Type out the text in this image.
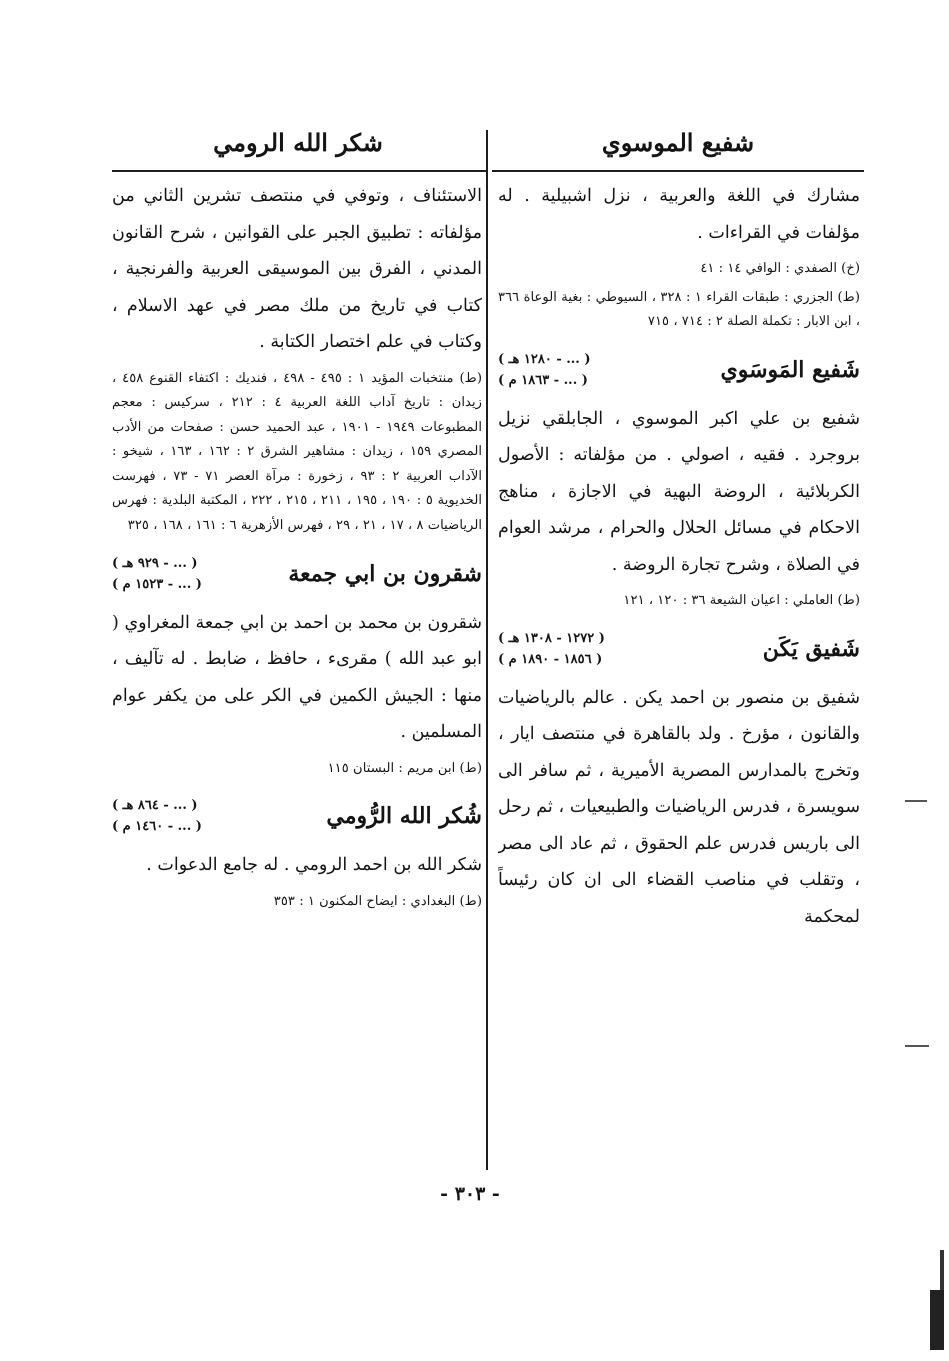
شفيع الموسوي
شكر الله الرومي

مشارك في اللغة والعربية ، نزل اشبيلية . له مؤلفات في القراءات .

(خ) الصفدي : الوافي ١٤ : ٤١

(ط) الجزري : طبقات القراء ١ : ٣٢٨ ، السيوطي : بغية الوعاة ٣٦٦ ، ابن الابار : تكملة الصلة ٢ : ٧١٤ ، ٧١٥

شَفيع المَوسَوي
( ... - ١٢٨٠ هـ )
( ... - ١٨٦٣ م )

شفيع بن علي اكبر الموسوي ، الجابلقي نزيل بروجرد . فقيه ، اصولي . من مؤلفاته : الأصول الكربلائية ، الروضة البهية في الاجازة ، مناهج الاحكام في مسائل الحلال والحرام ، مرشد العوام في الصلاة ، وشرح تجارة الروضة .

(ط) العاملي : اعيان الشيعة ٣٦ : ١٢٠ ، ١٢١

شَفيق يَكَن
( ١٢٧٢ - ١٣٠٨ هـ )
( ١٨٥٦ - ١٨٩٠ م )

شفيق بن منصور بن احمد يكن . عالم بالرياضيات والقانون ، مؤرخ . ولد بالقاهرة في منتصف ايار ، وتخرج بالمدارس المصرية الأميرية ، ثم سافر الى سويسرة ، فدرس الرياضيات والطبيعيات ، ثم رحل الى باريس فدرس علم الحقوق ، ثم عاد الى مصر ، وتقلب في مناصب القضاء الى ان كان رئيساً لمحكمة

الاستئناف ، وتوفي في منتصف تشرين الثاني من مؤلفاته : تطبيق الجبر على القوانين ، شرح القانون المدني ، الفرق بين الموسيقى العربية والفرنجية ، كتاب في تاريخ من ملك مصر في عهد الاسلام ، وكتاب في علم اختصار الكتابة .

(ط) منتخبات المؤيد ١ : ٤٩٥ - ٤٩٨ ، فنديك : اكتفاء القنوع ٤٥٨ ، زيدان : تاريخ آداب اللغة العربية ٤ : ٢١٢ ، سركيس : معجم المطبوعات ١٩٤٩ - ١٩٠١ ، عبد الحميد حسن : صفحات من الأدب المصري ١٥٩ ، زيدان : مشاهير الشرق ٢ : ١٦٢ ، ١٦٣ ، شيخو : الآداب العربية ٢ : ٩٣ ، زخورة : مرآة العصر ٧١ - ٧٣ ، فهرست الخديوية ٥ : ١٩٠ ، ١٩٥ ، ٢١١ ، ٢١٥ ، ٢٢٢ ، المكتبة البلدية : فهرس الرياضيات ٨ ، ١٧ ، ٢١ ، ٢٩ ، فهرس الأزهرية ٦ : ١٦١ ، ١٦٨ ، ٣٢٥

شقرون بن ابي جمعة
( ... - ٩٢٩ هـ )
( ... - ١٥٢٣ م )

شقرون بن محمد بن احمد بن ابي جمعة المغراوي ( ابو عبد الله ) مقرىء ، حافظ ، ضابط . له تآليف ، منها : الجيش الكمين في الكر على من يكفر عوام المسلمين .

(ط) ابن مريم : البستان ١١٥

شُكر الله الرُّومي
( ... - ٨٦٤ هـ )
( ... - ١٤٦٠ م )

شكر الله بن احمد الرومي . له جامع الدعوات .

(ط) البغدادي : ايضاح المكنون ١ : ٣٥٣

- ٣٠٣ -
